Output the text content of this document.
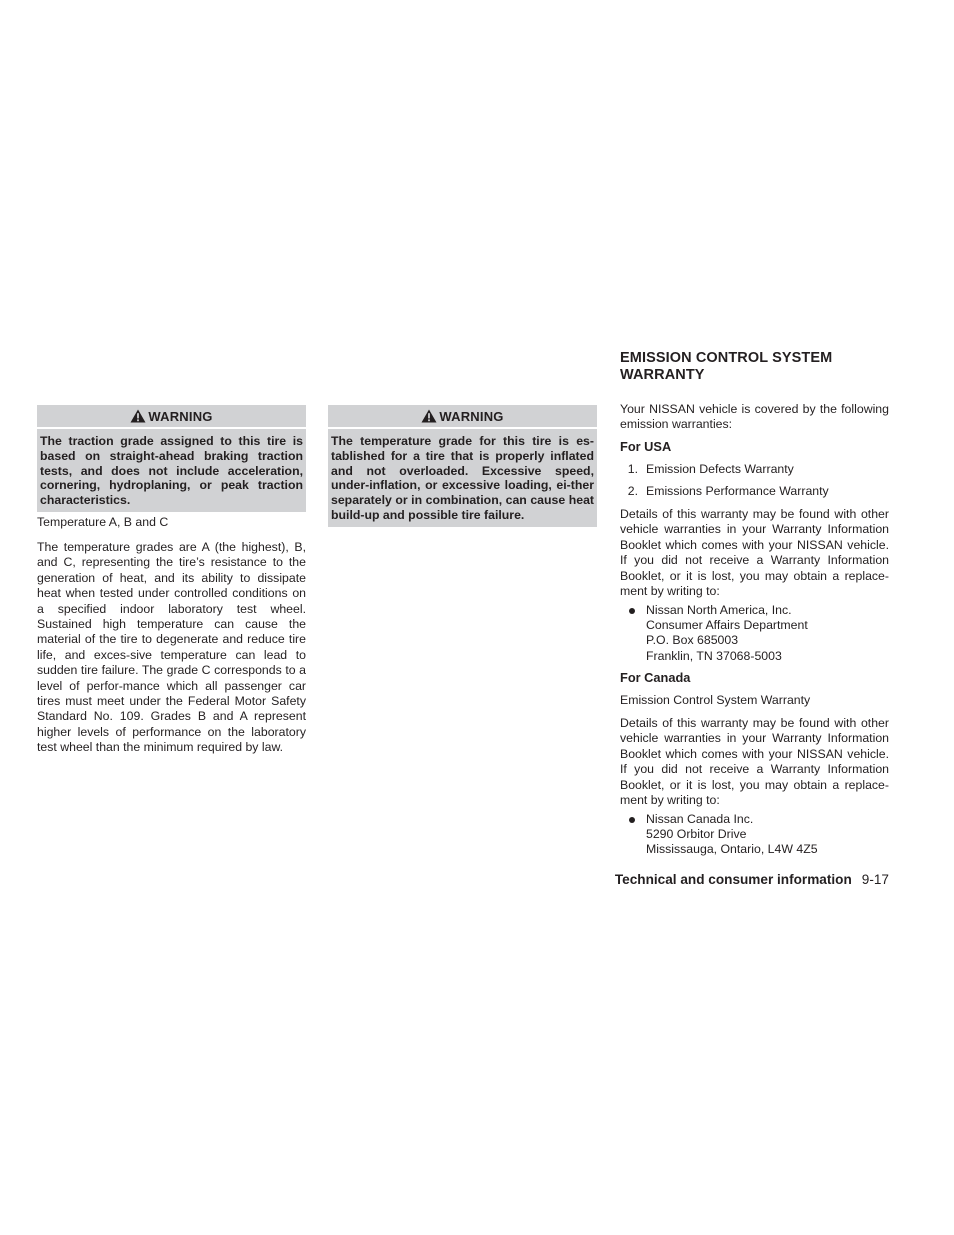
WARNING
The traction grade assigned to this tire is based on straight-ahead braking traction tests, and does not include acceleration, cornering, hydroplaning, or peak traction characteristics.

Temperature A, B and C

The temperature grades are A (the highest), B, and C, representing the tire’s resistance to the generation of heat, and its ability to dissipate heat when tested under controlled conditions on a specified indoor laboratory test wheel. Sustained high temperature can cause the material of the tire to degenerate and reduce tire life, and exces-sive temperature can lead to sudden tire failure. The grade C corresponds to a level of perfor-mance which all passenger car tires must meet under the Federal Motor Safety Standard No. 109. Grades B and A represent higher levels of performance on the laboratory test wheel than the minimum required by law.

WARNING
The temperature grade for this tire is es-tablished for a tire that is properly inflated and not overloaded. Excessive speed, under-inflation, or excessive loading, ei-ther separately or in combination, can cause heat build-up and possible tire failure.
EMISSION CONTROL SYSTEM WARRANTY

Your NISSAN vehicle is covered by the following emission warranties:

For USA
1. Emission Defects Warranty
2. Emissions Performance Warranty

Details of this warranty may be found with other vehicle warranties in your Warranty Information Booklet which comes with your NISSAN vehicle. If you did not receive a Warranty Information Booklet, or it is lost, you may obtain a replace-ment by writing to:

Nissan North America, Inc.
Consumer Affairs Department
P.O. Box 685003
Franklin, TN 37068-5003
For Canada

Emission Control System Warranty

Details of this warranty may be found with other vehicle warranties in your Warranty Information Booklet which comes with your NISSAN vehicle. If you did not receive a Warranty Information Booklet, or it is lost, you may obtain a replace-ment by writing to:

Nissan Canada Inc.
5290 Orbitor Drive
Mississauga, Ontario, L4W 4Z5
Technical and consumer information 9-17
